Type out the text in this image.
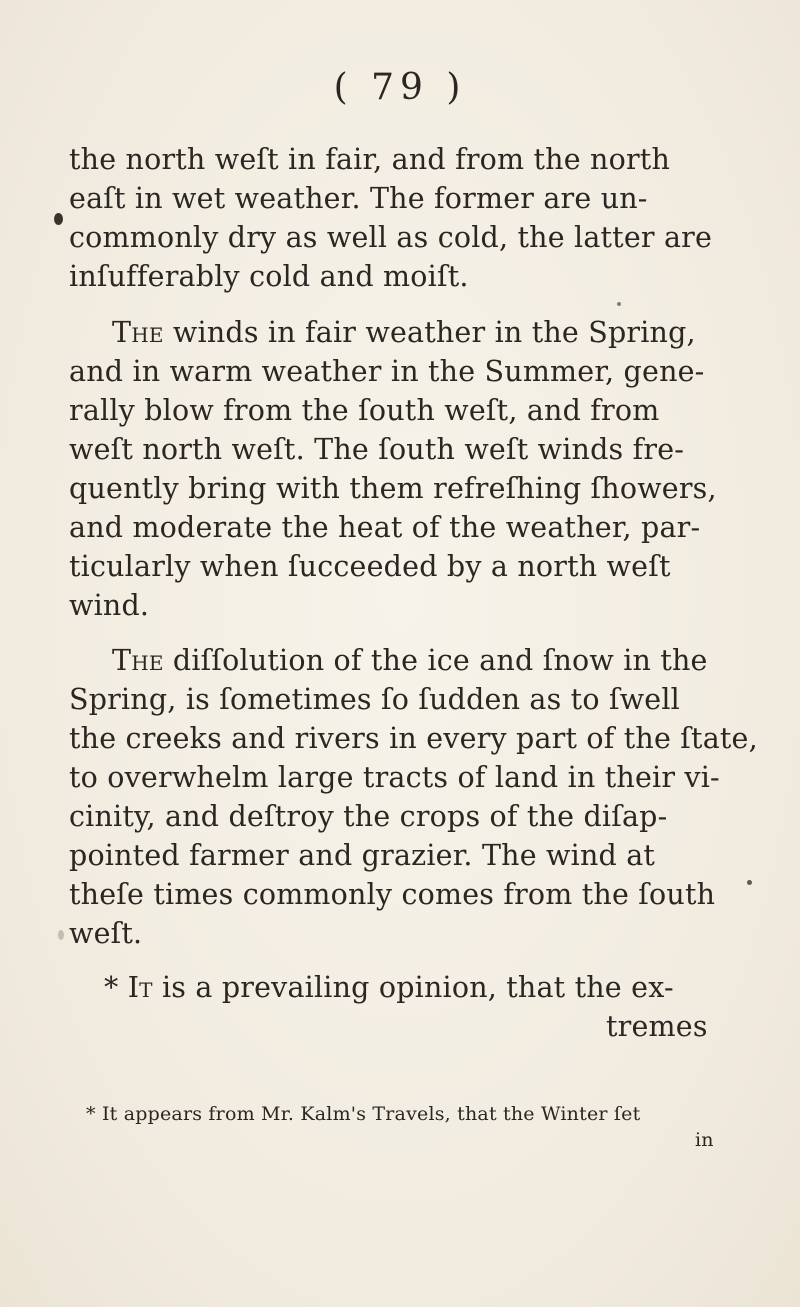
( 79 )
the north weſt in fair, and from the north
eaſt in wet weather. The former are un-
commonly dry as well as cold, the latter are
inſufferably cold and moiſt.
The winds in fair weather in the Spring,
and in warm weather in the Summer, gene-
rally blow from the ſouth weſt, and from
weſt north weſt. The ſouth weſt winds fre-
quently bring with them refreſhing ſhowers,
and moderate the heat of the weather, par-
ticularly when ſucceeded by a north weſt
wind.
The diſſolution of the ice and ſnow in the
Spring, is ſometimes ſo ſudden as to ſwell
the creeks and rivers in every part of the ſtate,
to overwhelm large tracts of land in their vi-
cinity, and deſtroy the crops of the diſap-
pointed farmer and grazier. The wind at
theſe times commonly comes from the ſouth
weſt.
* It is a prevailing opinion, that the ex-
tremes
* It appears from Mr. Kalm's Travels, that the Winter ſet
in
